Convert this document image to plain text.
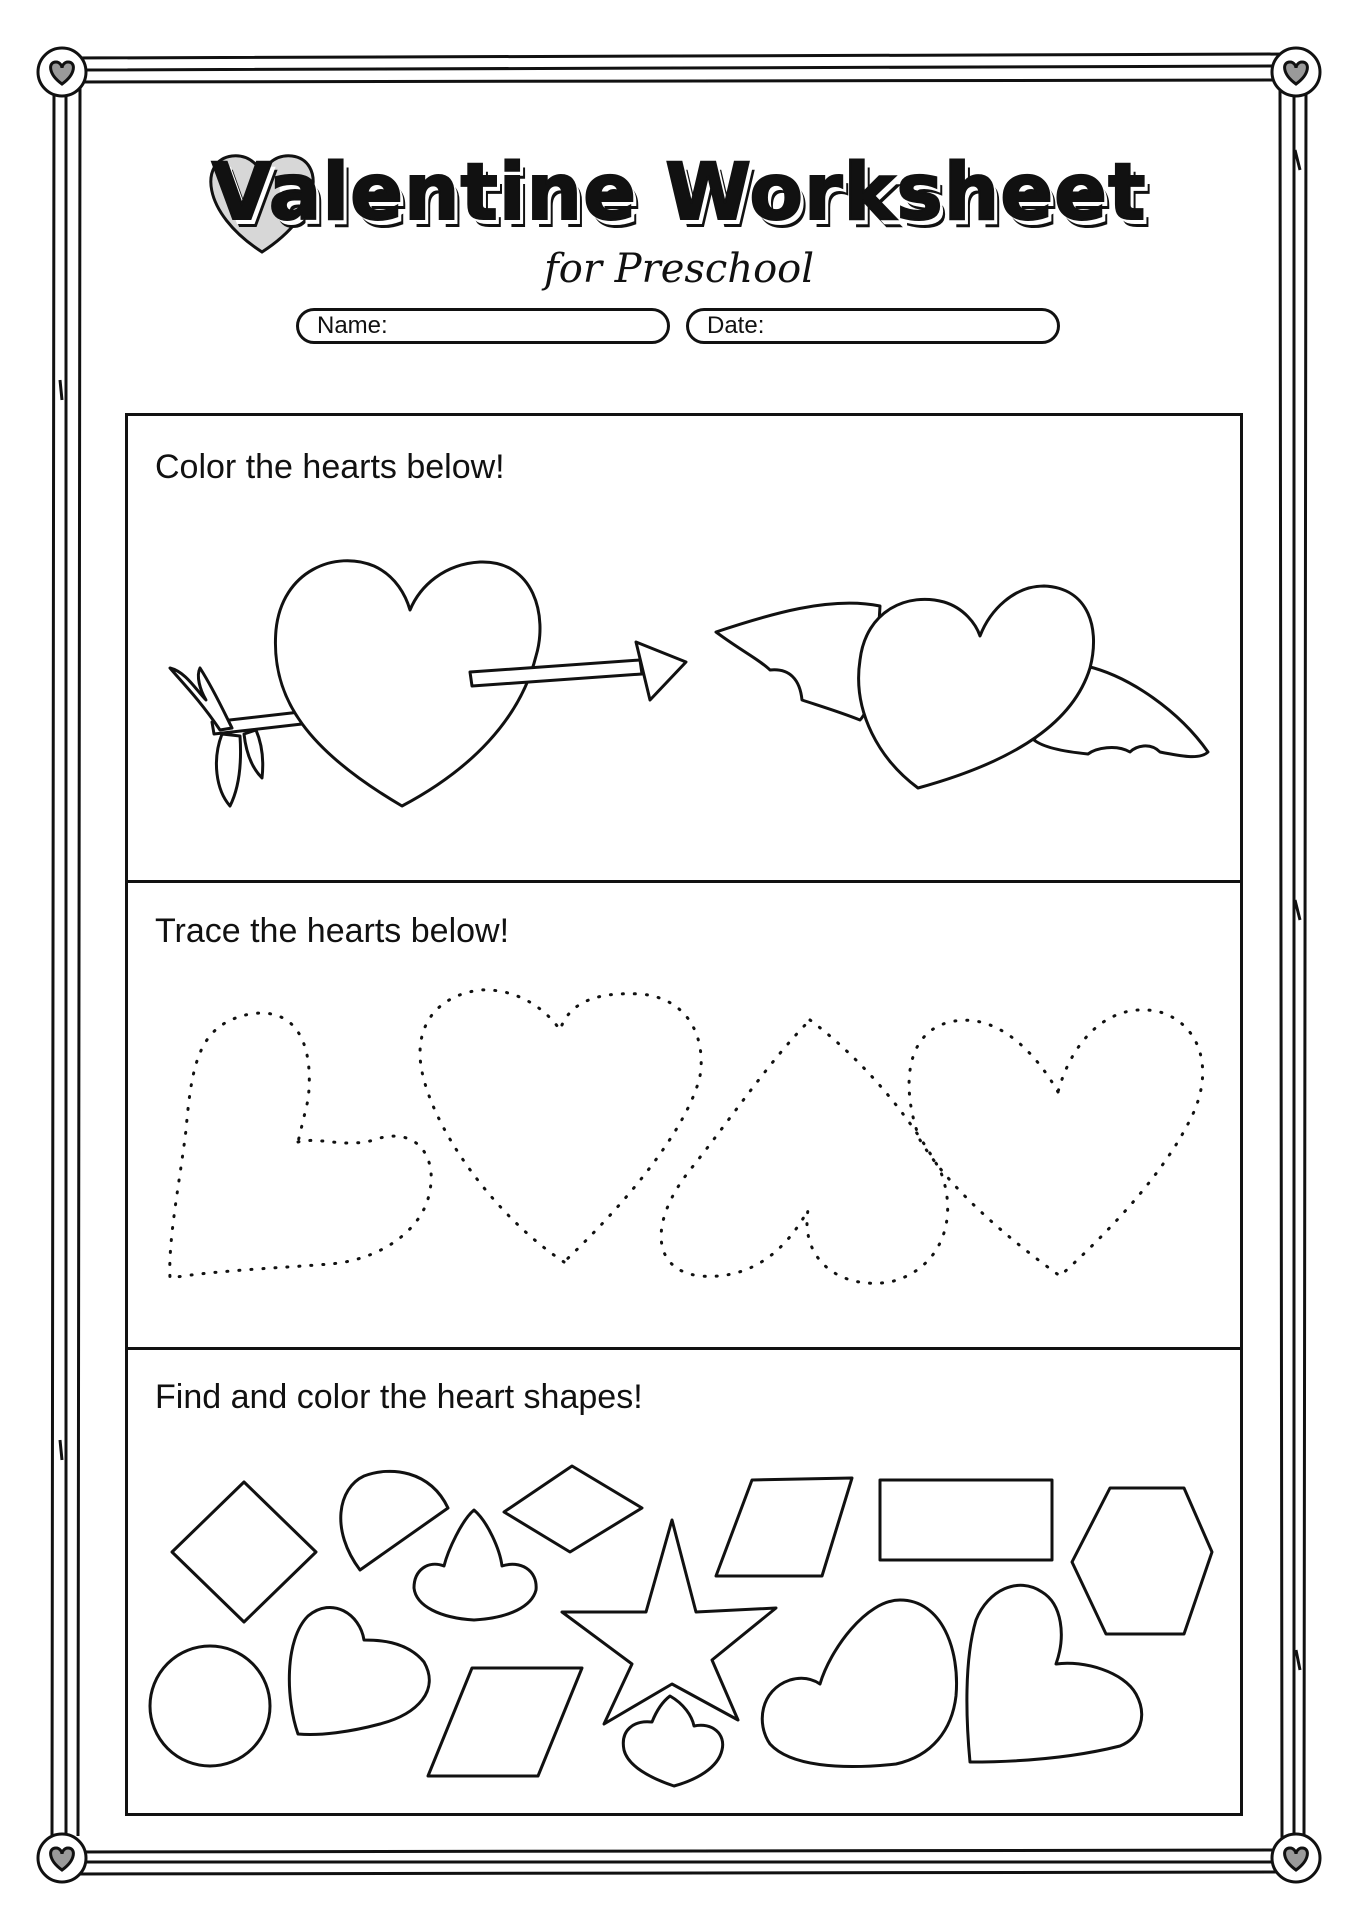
Valentine Worksheet
for Preschool
Name:	Date:
Color the hearts below!
Trace the hearts below!
Find and color the heart shapes!
